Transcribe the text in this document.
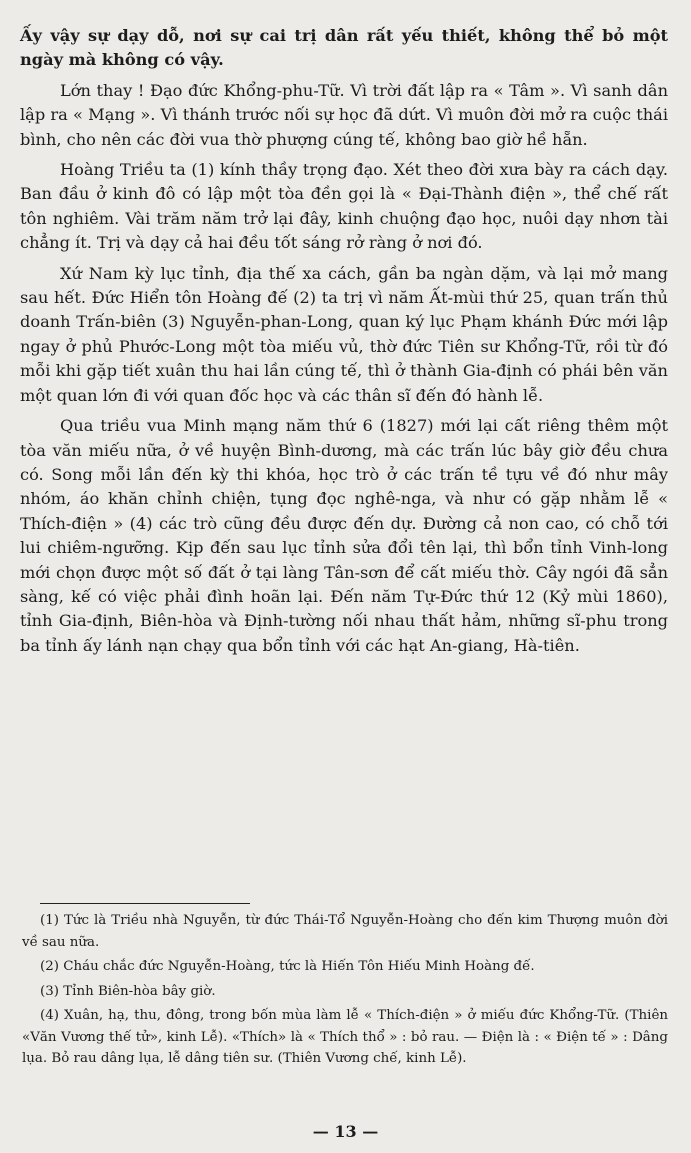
Ấy vậy sự dạy dỗ, nơi sự cai trị dân rất yếu thiết, không thể bỏ một ngày mà không có vậy.

Lớn thay ! Đạo đức Khổng-phu-Tữ. Vì trời đất lập ra « Tâm ». Vì sanh dân lập ra « Mạng ». Vì thánh trước nối sự học đã dứt. Vì muôn đời mở ra cuộc thái bình, cho nên các đời vua thờ phượng cúng tế, không bao giờ hề hẵn.

Hoàng Triều ta (1) kính thầy trọng đạo. Xét theo đời xưa bày ra cách dạy. Ban đầu ở kinh đô có lập một tòa đền gọi là « Đại-Thành điện », thể chế rất tôn nghiêm. Vài trăm năm trở lại đây, kinh chuộng đạo học, nuôi dạy nhơn tài chẳng ít. Trị và dạy cả hai đều tốt sáng rở ràng ở nơi đó.

Xứ Nam kỳ lục tỉnh, địa thế xa cách, gần ba ngàn dặm, và lại mở mang sau hết. Đức Hiển tôn Hoàng đế (2) ta trị vì năm Ất-mùi thứ 25, quan trấn thủ doanh Trấn-biên (3) Nguyễn-phan-Long, quan ký lục Phạm khánh Đức mới lập ngay ở phủ Phước-Long một tòa miếu vủ, thờ đức Tiên sư Khổng-Tữ, rồi từ đó mỗi khi gặp tiết xuân thu hai lần cúng tế, thì ở thành Gia-định có phái bên văn một quan lớn đi với quan đốc học và các thân sĩ đến đó hành lễ.

Qua triều vua Minh mạng năm thứ 6 (1827) mới lại cất riêng thêm một tòa văn miếu nữa, ở về huyện Bình-dương, mà các trấn lúc bây giờ đều chưa có. Song mỗi lần đến kỳ thi khóa, học trò ở các trấn tề tựu về đó như mây nhóm, áo khăn chỉnh chiện, tụng đọc nghê-nga, và như có gặp nhằm lễ « Thích-điện » (4) các trò cũng đều được đến dự. Đường cả non cao, có chỗ tới lui chiêm-ngưỡng. Kịp đến sau lục tỉnh sửa đổi tên lại, thì bổn tỉnh Vinh-long mới chọn được một số đất ở tại làng Tân-sơn để cất miếu thờ. Cây ngói đã sẳn sàng, kế có việc phải đình hoãn lại. Đến năm Tự-Đức thứ 12 (Kỷ mùi 1860), tỉnh Gia-định, Biên-hòa và Định-tường nối nhau thất hảm, những sĩ-phu trong ba tỉnh ấy lánh nạn chạy qua bổn tỉnh với các hạt An-giang, Hà-tiên.

(1) Tức là Triều nhà Nguyễn, từ đức Thái-Tổ Nguyễn-Hoàng cho đến kim Thượng muôn đời về sau nữa.

(2) Cháu chắc đức Nguyễn-Hoàng, tức là Hiến Tôn Hiếu Minh Hoàng đế.

(3) Tỉnh Biên-hòa bây giờ.

(4) Xuân, hạ, thu, đông, trong bốn mùa làm lễ « Thích-điện » ở miếu đức Khổng-Tữ. (Thiên «Văn Vương thế tử», kinh Lễ). «Thích» là « Thích thổ » : bỏ rau. — Điện là : « Điện tế » : Dâng lụa. Bỏ rau dâng lụa, lễ dâng tiên sư. (Thiên Vương chế, kinh Lễ).

— 13 —
